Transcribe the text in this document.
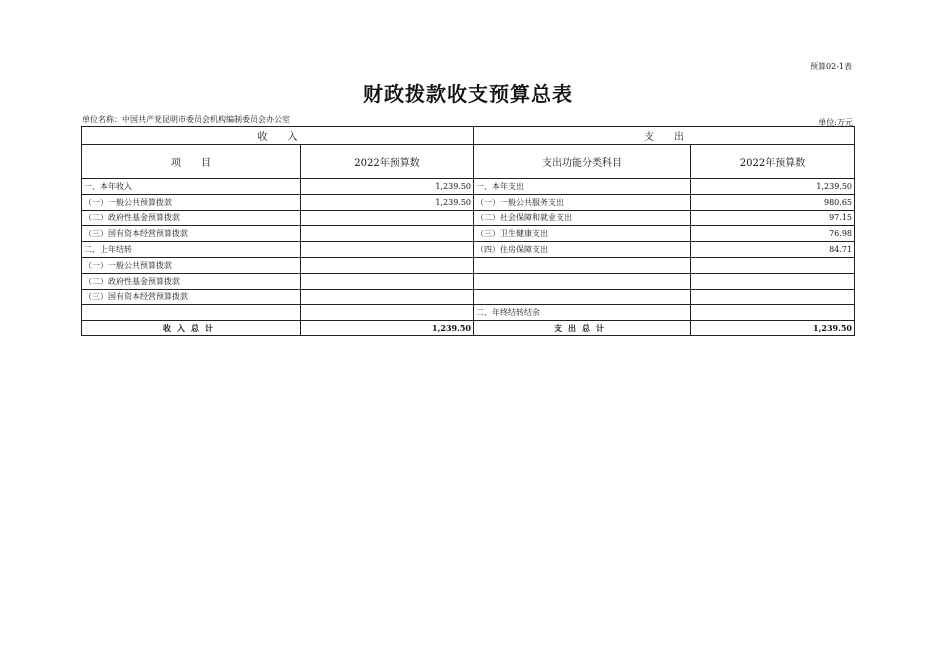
预算02-1表
财政拨款收支预算总表
单位名称：中国共产党昆明市委员会机构编制委员会办公室	单位:万元
收　　入		支　　出	
项　　目	2022年预算数	支出功能分类科目	2022年预算数
一、本年收入	1,239.50	一、本年支出	1,239.50
（一）一般公共预算拨款	1,239.50	（一）一般公共服务支出	980.65
（二）政府性基金预算拨款		（二）社会保障和就业支出	97.15
（三）国有资本经营预算拨款		（三）卫生健康支出	76.98
二、上年结转		（四）住房保障支出	84.71
（一）一般公共预算拨款			
（二）政府性基金预算拨款			
（三）国有资本经营预算拨款			
		二、年终结转结余	
收入总计	1,239.50	支出总计	1,239.50
